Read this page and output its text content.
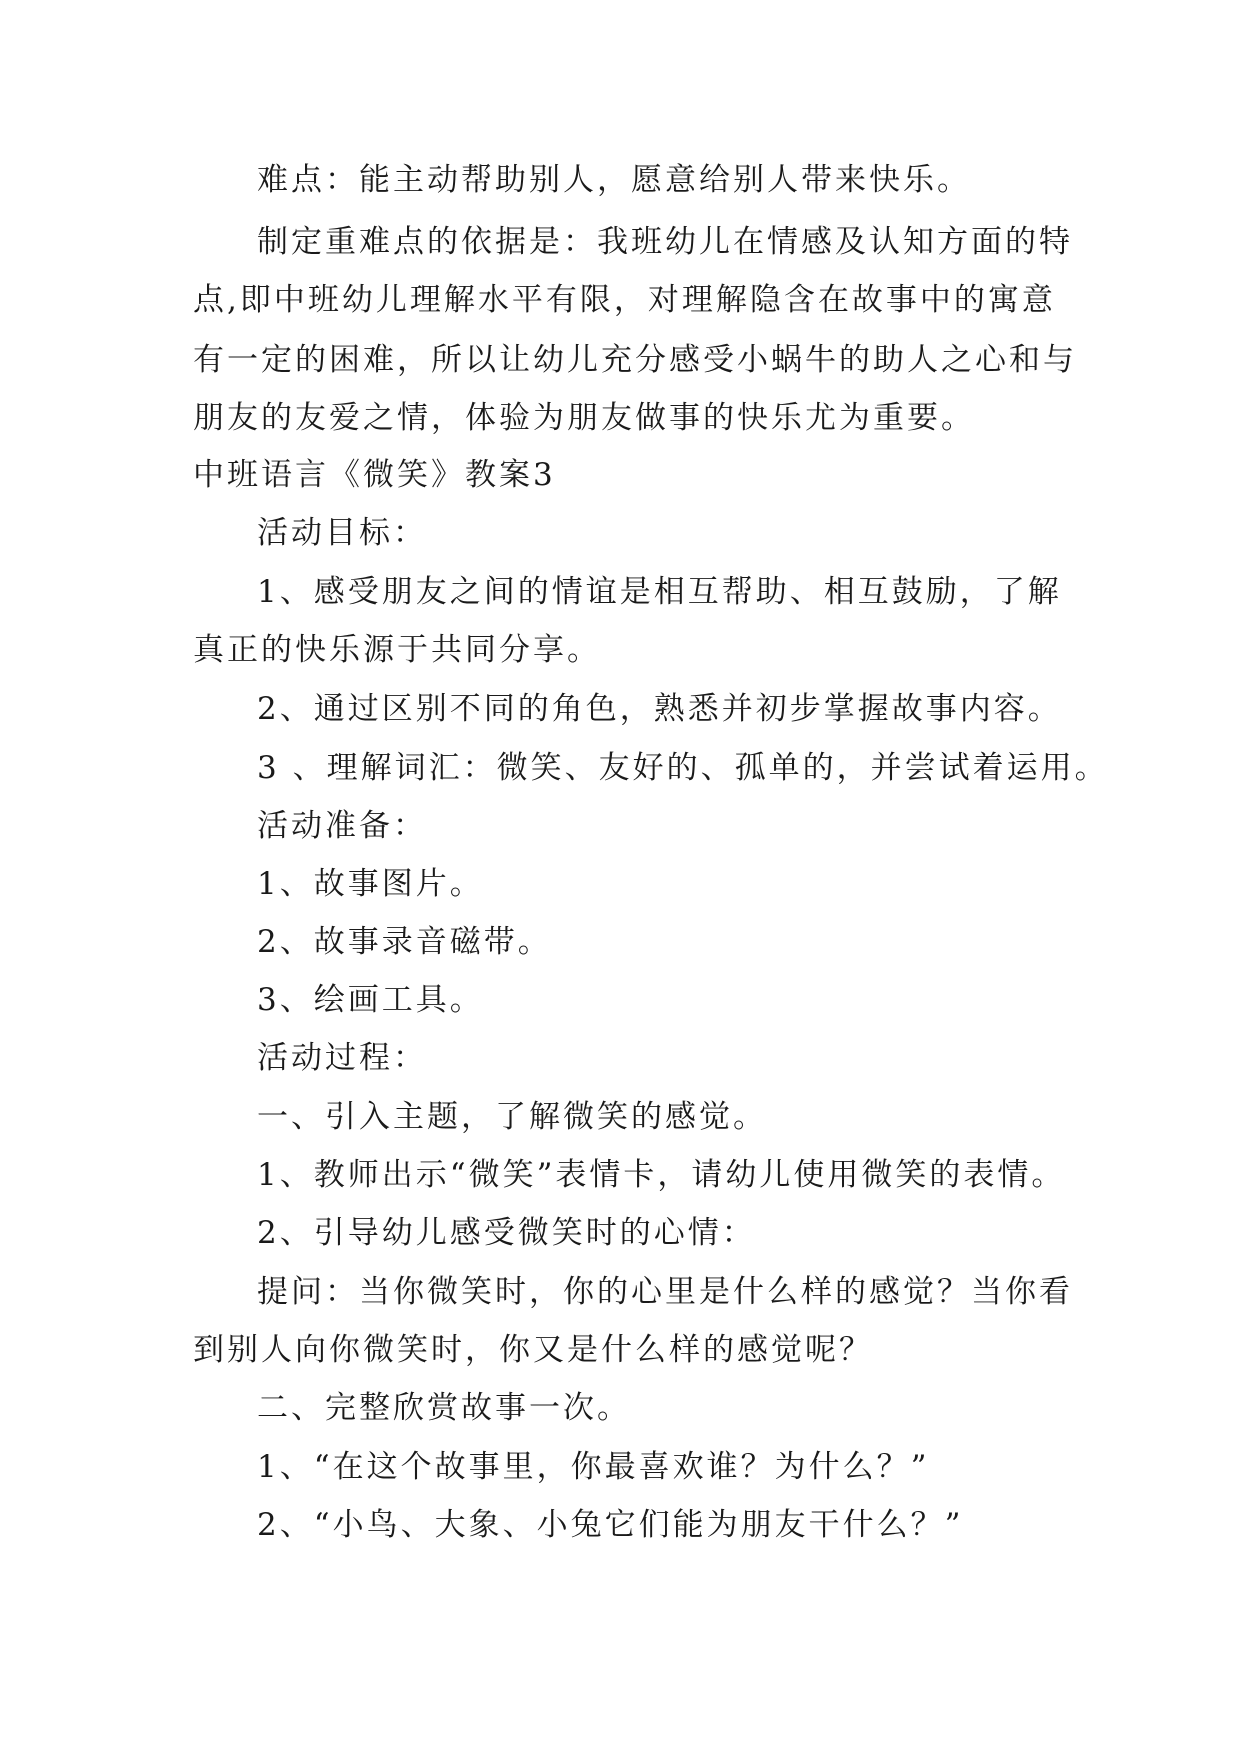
难点：能主动帮助别人，愿意给别人带来快乐。
制定重难点的依据是：我班幼儿在情感及认知方面的特
点,即中班幼儿理解水平有限，对理解隐含在故事中的寓意
有一定的困难，所以让幼儿充分感受小蜗牛的助人之心和与
朋友的友爱之情，体验为朋友做事的快乐尤为重要。
中班语言《微笑》教案3
活动目标：
1、感受朋友之间的情谊是相互帮助、相互鼓励，了解
真正的快乐源于共同分享。
2、通过区别不同的角色，熟悉并初步掌握故事内容。
3 、理解词汇：微笑、友好的、孤单的，并尝试着运用。
活动准备：
1、故事图片。
2、故事录音磁带。
3、绘画工具。
活动过程：
一、引入主题，了解微笑的感觉。
1、教师出示“微笑”表情卡，请幼儿使用微笑的表情。
2、引导幼儿感受微笑时的心情：
提问：当你微笑时，你的心里是什么样的感觉？当你看
到别人向你微笑时，你又是什么样的感觉呢？
二、完整欣赏故事一次。
1、“在这个故事里，你最喜欢谁？为什么？”
2、“小鸟、大象、小兔它们能为朋友干什么？”
